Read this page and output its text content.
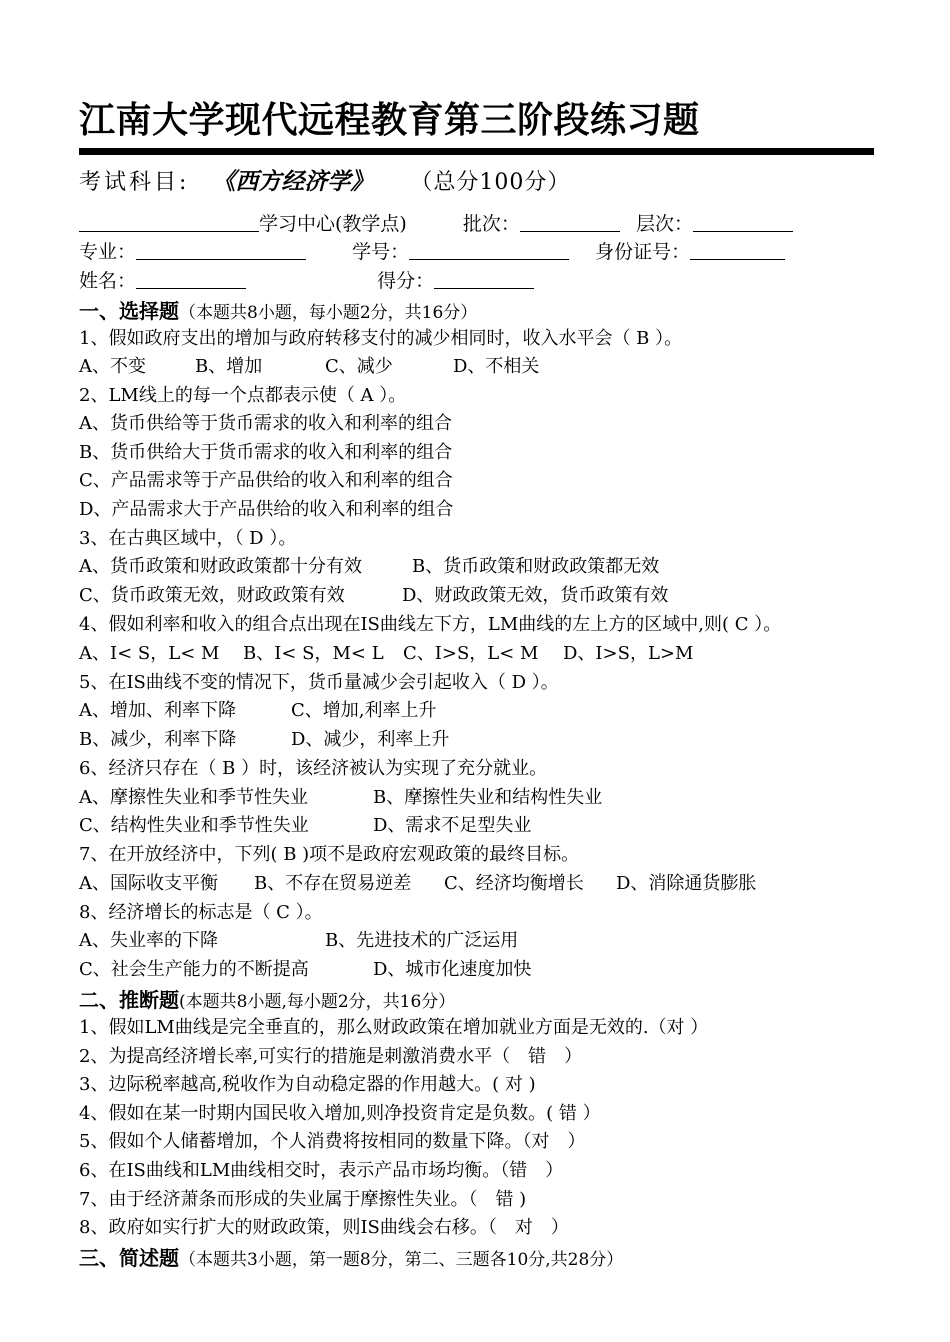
江南大学现代远程教育第三阶段练习题
考试科目: 《西方经济学》 （总分100分）
学习中心(教学点)	批次：	层次：
专业：	学号：	身份证号：
姓名：	得分：
一、选择题（本题共8小题，每小题2分，共16分）
1、假如政府支出的增加与政府转移支付的减少相同时，收入水平会（ B ）。
A、不变	B、增加	C、减少	D、不相关
2、LM线上的每一个点都表示使（ A ）。
A、货币供给等于货币需求的收入和利率的组合
B、货币供给大于货币需求的收入和利率的组合
C、产品需求等于产品供给的收入和利率的组合
D、产品需求大于产品供给的收入和利率的组合
3、在古典区域中，（ D ）。
A、货币政策和财政政策都十分有效	B、货币政策和财政政策都无效
C、货币政策无效，财政政策有效	D、财政政策无效，货币政策有效
4、假如利率和收入的组合点出现在IS曲线左下方，LM曲线的左上方的区域中,则( C ）。
A、I< S，L< M B、I< S，M< L C、I>S，L< M D、I>S，L>M
5、在IS曲线不变的情况下，货币量减少会引起收入（ D ）。
A、增加、利率下降	C、增加,利率上升
B、减少，利率下降	D、减少，利率上升
6、经济只存在（ B ）时，该经济被认为实现了充分就业。
A、摩擦性失业和季节性失业	B、摩擦性失业和结构性失业
C、结构性失业和季节性失业	D、需求不足型失业
7、在开放经济中，下列( B )项不是政府宏观政策的最终目标。
A、国际收支平衡 B、不存在贸易逆差 C、经济均衡增长 D、消除通货膨胀
8、经济增长的标志是（ C ）。
A、失业率的下降	B、先进技术的广泛运用
C、社会生产能力的不断提高	D、城市化速度加快
二、推断题(本题共8小题,每小题2分，共16分）
1、假如LM曲线是完全垂直的，那么财政政策在增加就业方面是无效的.（对 ）
2、为提高经济增长率,可实行的措施是刺激消费水平（　错　）
3、边际税率越高,税收作为自动稳定器的作用越大。( 对 )
4、假如在某一时期内国民收入增加,则净投资肯定是负数。( 错 ）
5、假如个人储蓄增加，个人消费将按相同的数量下降。（对　）
6、在IS曲线和LM曲线相交时，表示产品市场均衡。（错　）
7、由于经济萧条而形成的失业属于摩擦性失业。（　错 )
8、政府如实行扩大的财政政策，则IS曲线会右移。（　对　）
三、简述题（本题共3小题，第一题8分，第二、三题各10分,共28分）
